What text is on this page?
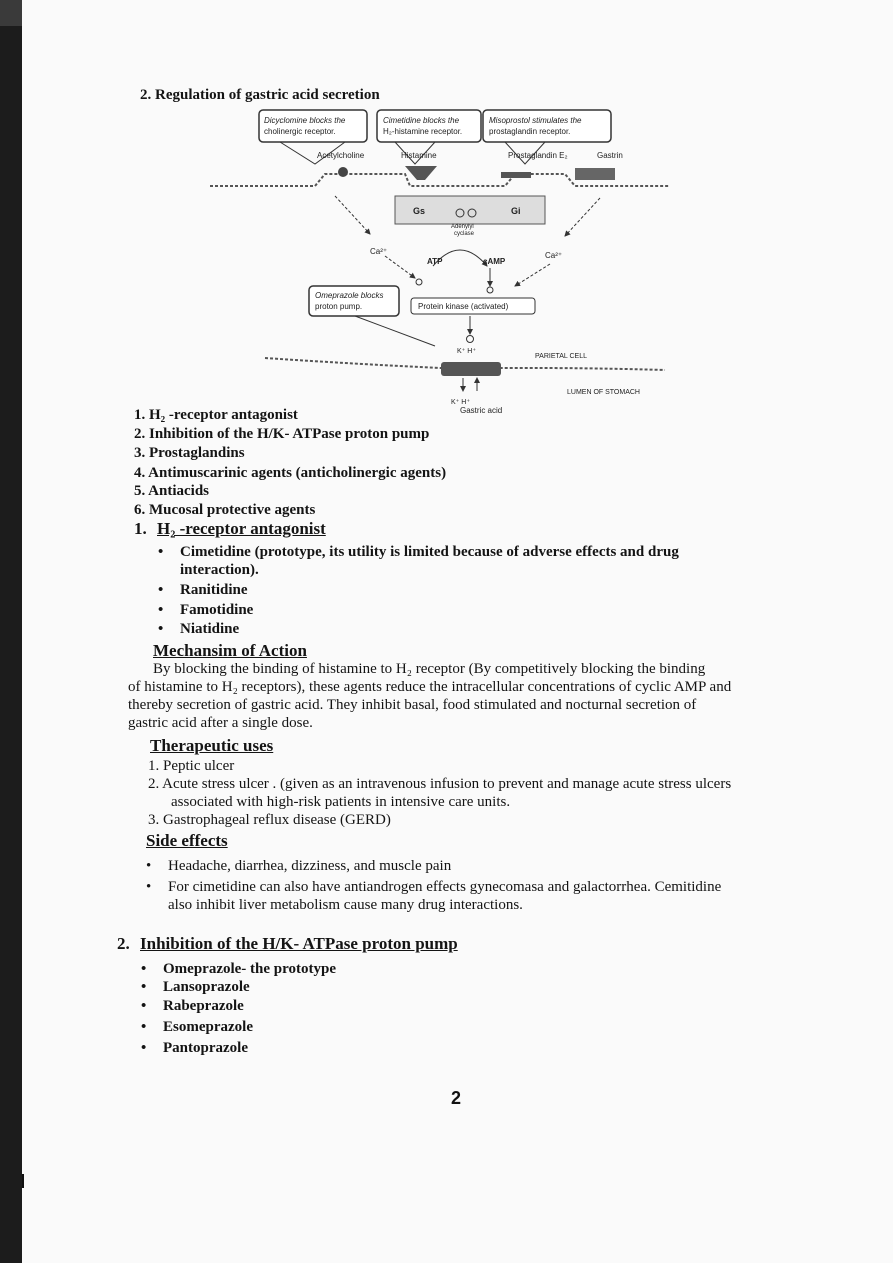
2. Regulation of gastric acid secretion
Dicyclomine blocks the
cholinergic receptor.
Cimetidine blocks the
H₂-histamine receptor.
Misoprostol stimulates the
prostaglandin receptor.
Acetylcholine	Histamine	Prostaglandin E₂	Gastrin
Gs	Gi
Adenylyl
cyclase
Ca²⁺	Ca²⁺
ATP	cAMP
Omeprazole blocks
proton pump.	Protein kinase (activated)
K⁺ H⁺
PARIETAL CELL
LUMEN OF STOMACH
K⁺ H⁺
Gastric acid
1. H₂ -receptor antagonist
2. Inhibition of the H/K- ATPase proton pump
3. Prostaglandins
4. Antimuscarinic agents (anticholinergic agents)
5. Antiacids
6. Mucosal protective agents
1. H₂ -receptor antagonist
• Cimetidine (prototype, its utility is limited because of adverse effects and drug
interaction).
• Ranitidine
• Famotidine
• Niatidine
Mechansim of Action
By blocking the binding of histamine to H₂ receptor (By competitively blocking the binding
of histamine to H₂ receptors), these agents reduce the intracellular concentrations of cyclic AMP and
thereby secretion of gastric acid. They inhibit basal, food stimulated and nocturnal secretion of
gastric acid after a single dose.
Therapeutic uses
1. Peptic ulcer
2. Acute stress ulcer . (given as an intravenous infusion to prevent and manage acute stress ulcers
associated with high-risk patients in intensive care units.
3. Gastrophageal reflux disease (GERD)
Side effects
• Headache, diarrhea, dizziness, and muscle pain
• For cimetidine can also have antiandrogen effects gynecomasa and galactorrhea. Cemitidine
also inhibit liver metabolism cause many drug interactions.
2. Inhibition of the H/K- ATPase proton pump
• Omeprazole- the prototype
• Lansoprazole
• Rabeprazole
• Esomeprazole
• Pantoprazole
2
